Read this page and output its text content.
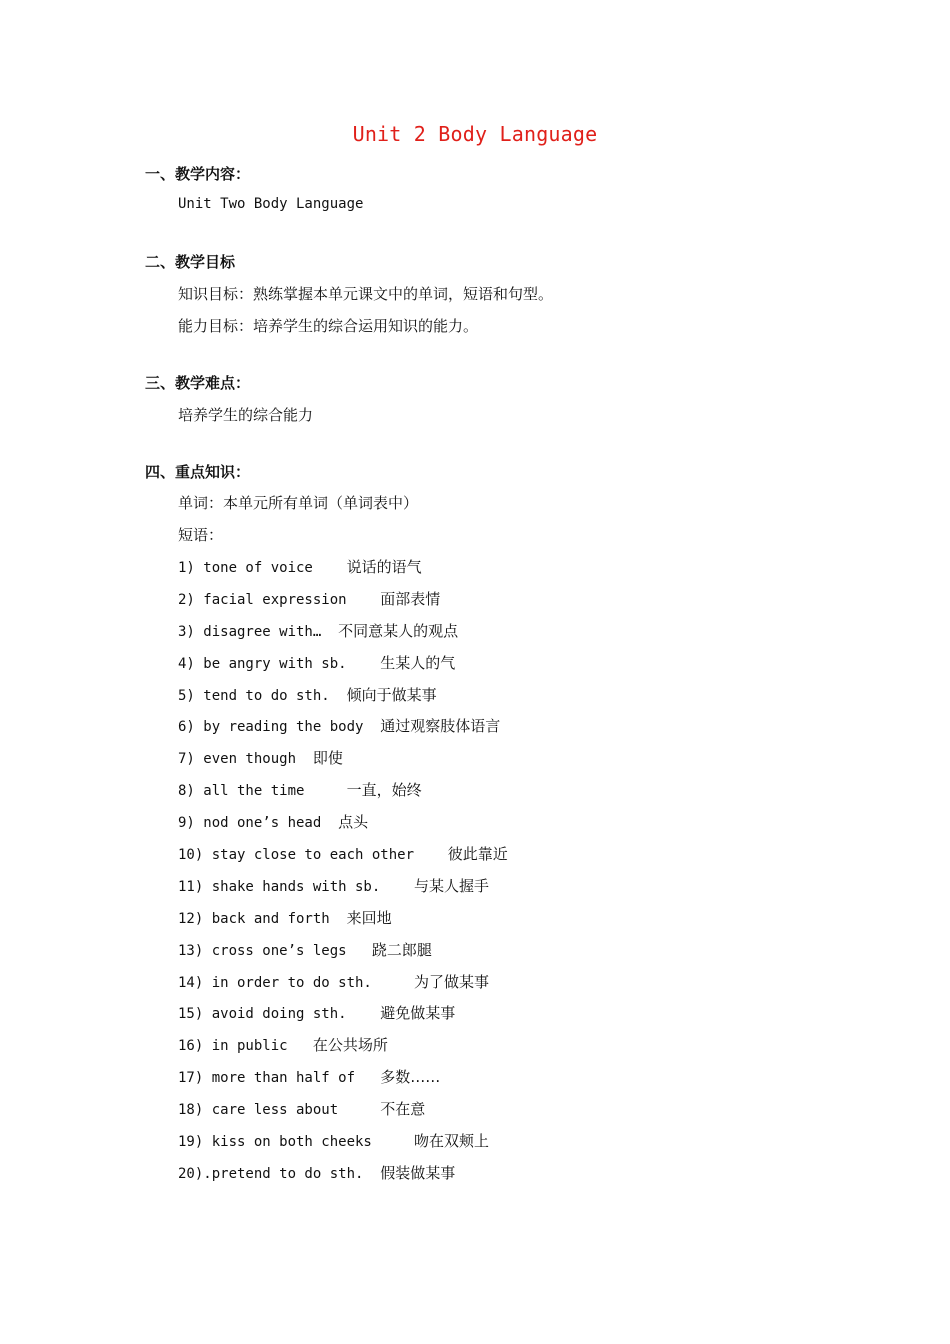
Unit 2 Body Language
一、教学内容：
Unit Two Body Language
二、教学目标
知识目标：熟练掌握本单元课文中的单词，短语和句型。
能力目标：培养学生的综合运用知识的能力。
三、教学难点：
培养学生的综合能力
四、重点知识：
单词：本单元所有单词（单词表中）
短语：
1) tone of voice 说话的语气
2) facial expression 面部表情
3) disagree with… 不同意某人的观点
4) be angry with sb. 生某人的气
5) tend to do sth. 倾向于做某事
6) by reading the body 通过观察肢体语言
7) even though 即使
8) all the time 一直，始终
9) nod one’s head 点头
10) stay close to each other 彼此靠近
11) shake hands with sb. 与某人握手
12) back and forth 来回地
13) cross one’s legs 跷二郎腿
14) in order to do sth. 为了做某事
15) avoid doing sth. 避免做某事
16) in public 在公共场所
17) more than half of 多数……
18) care less about 不在意
19) kiss on both cheeks 吻在双颊上
20).pretend to do sth. 假装做某事
